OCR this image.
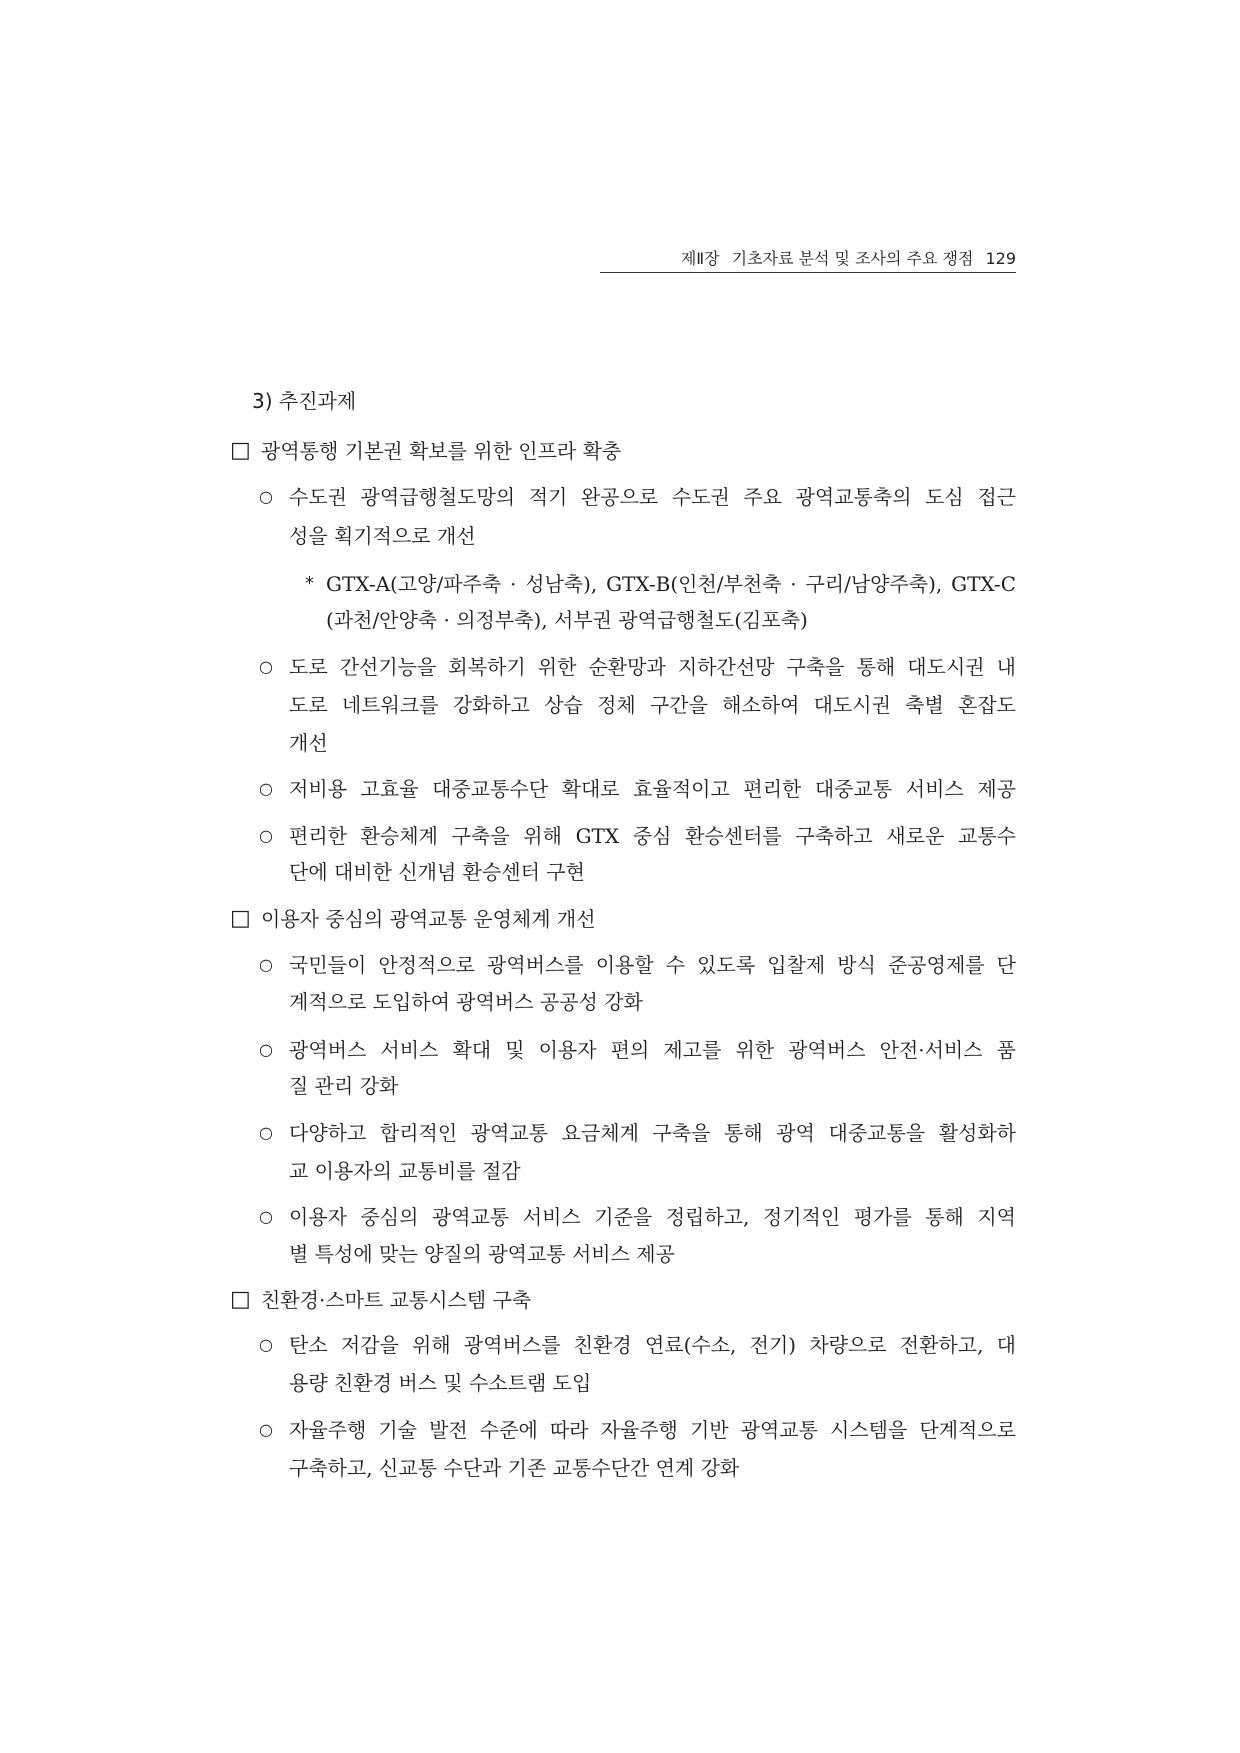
제Ⅱ장 기초자료 분석 및 조사의 주요 쟁점 129
3) 추진과제
□ 광역통행 기본권 확보를 위한 인프라 확충
○ 수도권 광역급행철도망의 적기 완공으로 수도권 주요 광역교통축의 도심 접근
성을 획기적으로 개선
* GTX-A(고양/파주축 · 성남축), GTX-B(인천/부천축 · 구리/남양주축), GTX-C
(과천/안양축 · 의정부축), 서부권 광역급행철도(김포축)
○ 도로 간선기능을 회복하기 위한 순환망과 지하간선망 구축을 통해 대도시권 내
도로 네트워크를 강화하고 상습 정체 구간을 해소하여 대도시권 축별 혼잡도
개선
○ 저비용 고효율 대중교통수단 확대로 효율적이고 편리한 대중교통 서비스 제공
○ 편리한 환승체계 구축을 위해 GTX 중심 환승센터를 구축하고 새로운 교통수
단에 대비한 신개념 환승센터 구현
□ 이용자 중심의 광역교통 운영체계 개선
○ 국민들이 안정적으로 광역버스를 이용할 수 있도록 입찰제 방식 준공영제를 단
계적으로 도입하여 광역버스 공공성 강화
○ 광역버스 서비스 확대 및 이용자 편의 제고를 위한 광역버스 안전·서비스 품
질 관리 강화
○ 다양하고 합리적인 광역교통 요금체계 구축을 통해 광역 대중교통을 활성화하
교 이용자의 교통비를 절감
○ 이용자 중심의 광역교통 서비스 기준을 정립하고, 정기적인 평가를 통해 지역
별 특성에 맞는 양질의 광역교통 서비스 제공
□ 친환경·스마트 교통시스템 구축
○ 탄소 저감을 위해 광역버스를 친환경 연료(수소, 전기) 차량으로 전환하고, 대
용량 친환경 버스 및 수소트램 도입
○ 자율주행 기술 발전 수준에 따라 자율주행 기반 광역교통 시스템을 단계적으로
구축하고, 신교통 수단과 기존 교통수단간 연계 강화
